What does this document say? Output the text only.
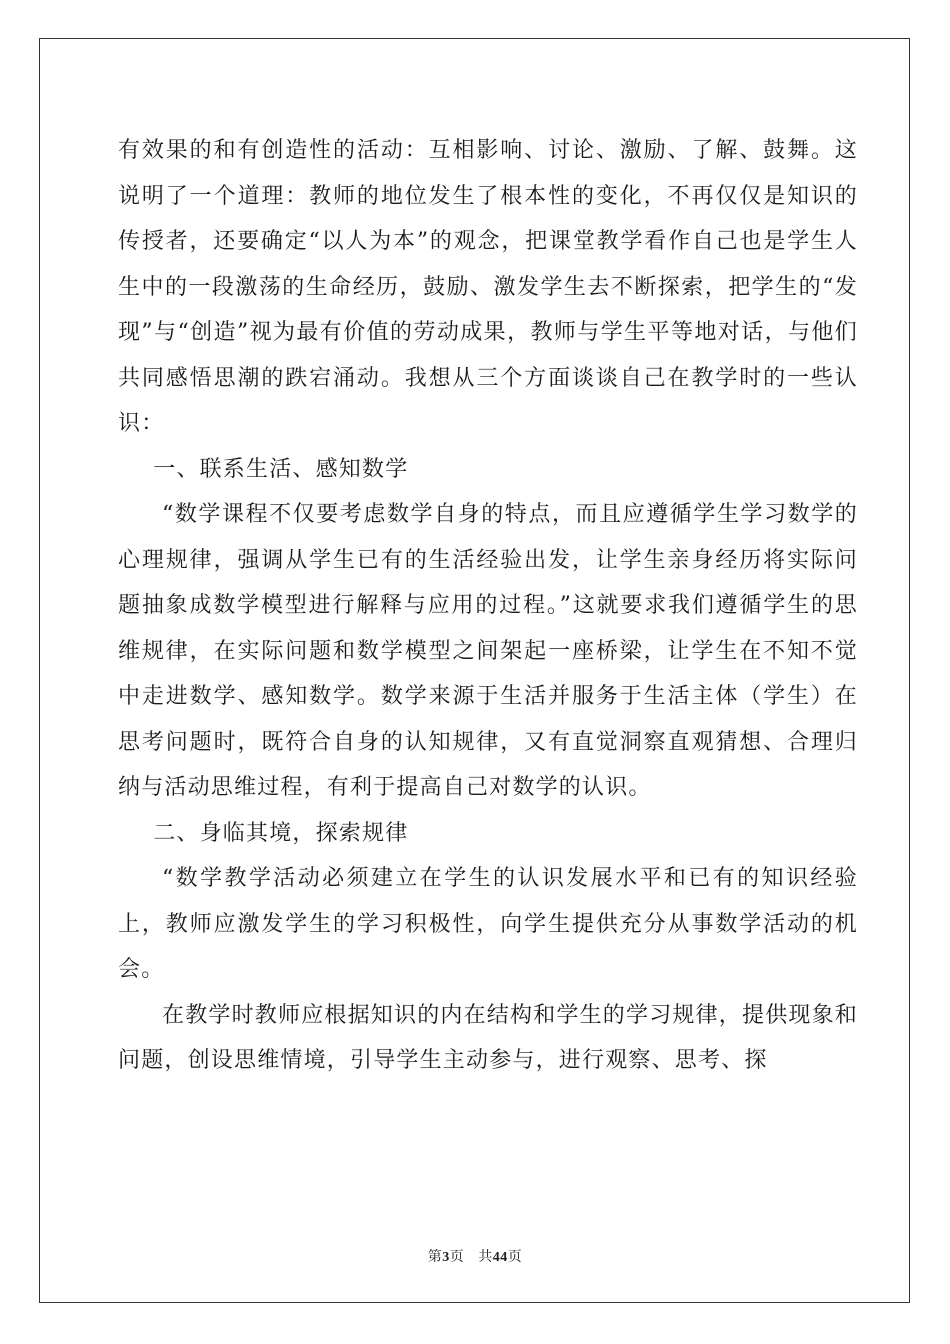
有效果的和有创造性的活动：互相影响、讨论、激励、了解、鼓舞。这说明了一个道理：教师的地位发生了根本性的变化，不再仅仅是知识的传授者，还要确定“以人为本”的观念，把课堂教学看作自己也是学生人生中的一段激荡的生命经历，鼓励、激发学生去不断探索，把学生的“发现”与“创造”视为最有价值的劳动成果，教师与学生平等地对话，与他们共同感悟思潮的跌宕涌动。我想从三个方面谈谈自己在教学时的一些认识：

一、联系生活、感知数学

“数学课程不仅要考虑数学自身的特点，而且应遵循学生学习数学的心理规律，强调从学生已有的生活经验出发，让学生亲身经历将实际问题抽象成数学模型进行解释与应用的过程。”这就要求我们遵循学生的思维规律，在实际问题和数学模型之间架起一座桥梁，让学生在不知不觉中走进数学、感知数学。数学来源于生活并服务于生活主体（学生）在思考问题时，既符合自身的认知规律，又有直觉洞察直观猜想、合理归纳与活动思维过程，有利于提高自己对数学的认识。

二、身临其境，探索规律

“数学教学活动必须建立在学生的认识发展水平和已有的知识经验上，教师应激发学生的学习积极性，向学生提供充分从事数学活动的机会。

在教学时教师应根据知识的内在结构和学生的学习规律，提供现象和问题，创设思维情境，引导学生主动参与，进行观察、思考、探

第3页 共44页
